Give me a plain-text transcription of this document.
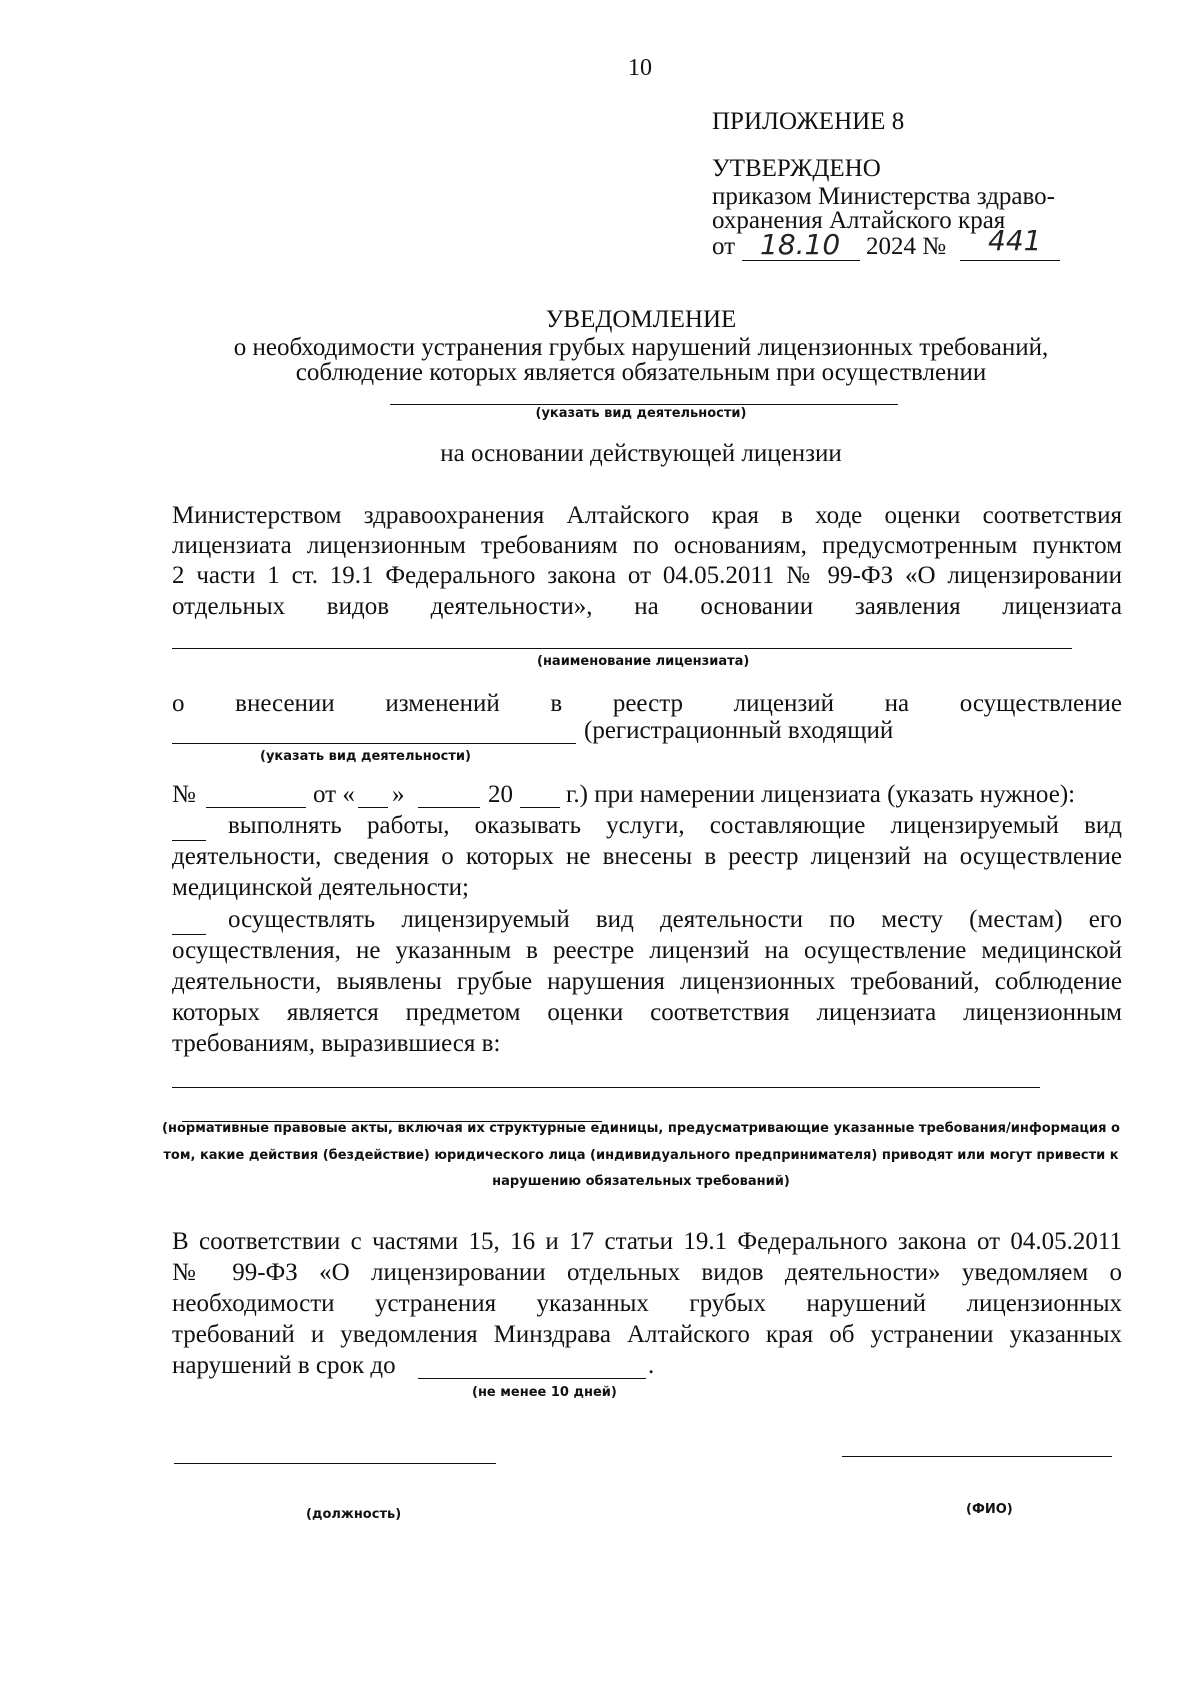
10
ПРИЛОЖЕНИЕ 8
УТВЕРЖДЕНО
приказом Министерства здраво-
охранения Алтайского края
от 18.10 2024 № 441
УВЕДОМЛЕНИЕ
о необходимости устранения грубых нарушений лицензионных требований,
соблюдение которых является обязательным при осуществлении
(указать вид деятельности)
на основании действующей лицензии
Министерством здравоохранения Алтайского края в ходе оценки соответствия
лицензиата лицензионным требованиям по основаниям, предусмотренным пунктом
2 части 1 ст. 19.1 Федерального закона от 04.05.2011 № 99-ФЗ «О лицензировании
отдельных видов деятельности», на основании заявления лицензиата
(наименование лицензиата)
о внесении изменений в реестр лицензий на осуществление
(регистрационный входящий
(указать вид деятельности)
№	от « »	20 г.) при намерении лицензиата (указать нужное):
выполнять работы, оказывать услуги, составляющие лицензируемый вид
деятельности, сведения о которых не внесены в реестр лицензий на осуществление
медицинской деятельности;
осуществлять лицензируемый вид деятельности по месту (местам) его
осуществления, не указанным в реестре лицензий на осуществление медицинской
деятельности, выявлены грубые нарушения лицензионных требований, соблюдение
которых является предметом оценки соответствия лицензиата лицензионным
требованиям, выразившиеся в:
(нормативные правовые акты, включая их структурные единицы, предусматривающие указанные требования/информация о
том, какие действия (бездействие) юридического лица (индивидуального предпринимателя) приводят или могут привести к
нарушению обязательных требований)
В соответствии с частями 15, 16 и 17 статьи 19.1 Федерального закона от 04.05.2011
№ 99-ФЗ «О лицензировании отдельных видов деятельности» уведомляем о
необходимости устранения указанных грубых нарушений лицензионных
требований и уведомления Минздрава Алтайского края об устранении указанных
нарушений в срок до	.
(не менее 10 дней)
(должность)	(ФИО)
